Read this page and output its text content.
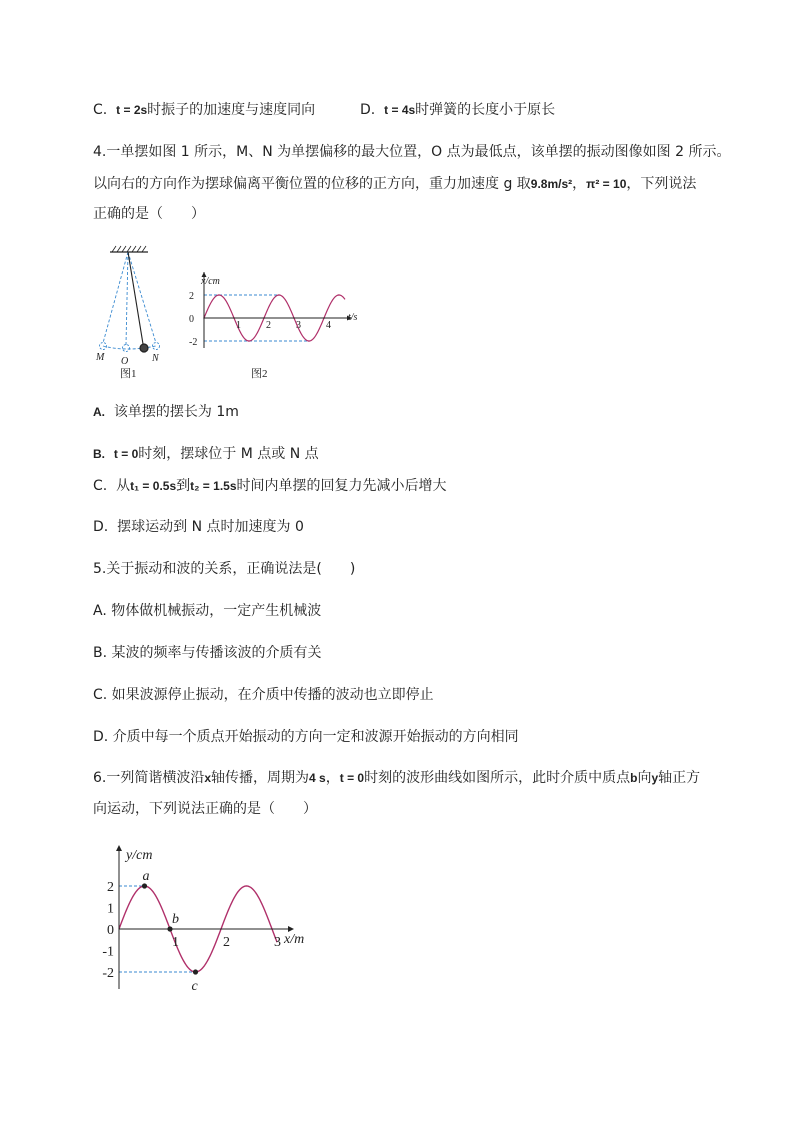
C. t = 2s时振子的加速度与速度同向	D. t = 4s时弹簧的长度小于原长
4.一单摆如图 1 所示，M、N 为单摆偏移的最大位置，O 点为最低点，该单摆的振动图像如图 2 所示。
以向右的方向作为摆球偏离平衡位置的位移的正方向，重力加速度 g 取9.8m/s²，π² = 10，下列说法
正确的是（　　）
M O N
图1
2
0
-2
1	2	3	4
x/cm
t/s
图2
A. 该单摆的摆长为 1m
B. t = 0时刻，摆球位于 M 点或 N 点
C. 从t₁ = 0.5s到t₂ = 1.5s时间内单摆的回复力先减小后增大
D. 摆球运动到 N 点时加速度为 0
5.关于振动和波的关系，正确说法是(　　)
A. 物体做机械振动，一定产生机械波
B. 某波的频率与传播该波的介质有关
C. 如果波源停止振动，在介质中传播的波动也立即停止
D. 介质中每一个质点开始振动的方向一定和波源开始振动的方向相同
6.一列简谐横波沿x轴传播，周期为4 s，t = 0时刻的波形曲线如图所示，此时介质中质点b向y轴正方
向运动，下列说法正确的是（　　）
2
1
0
-1
-2
1	2	3
a
b
c
y/cm
x/m
